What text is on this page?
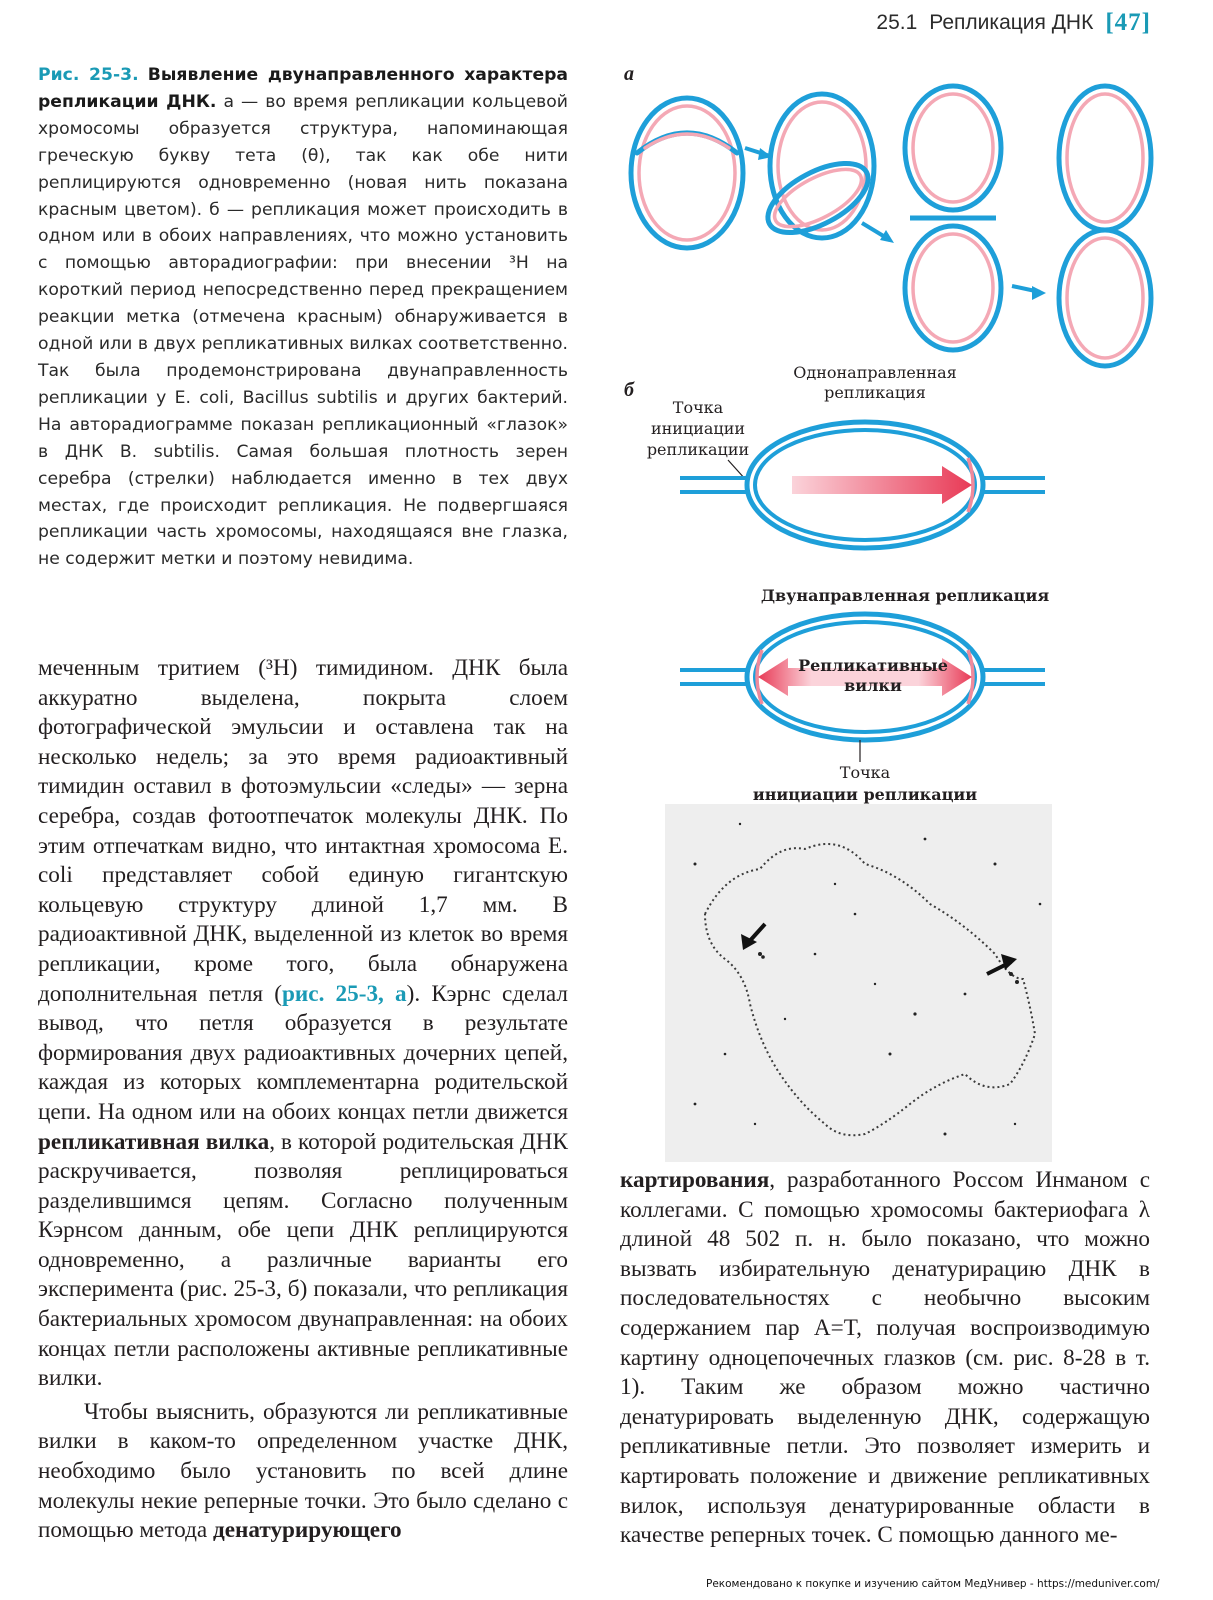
25.1 Репликация ДНК [47]
Рис. 25-3. Выявление двунаправленного характера репликации ДНК. а — во время репликации кольцевой хромосомы образуется структура, напоминающая греческую букву тета (θ), так как обе нити реплицируются одновременно (новая нить показана красным цветом). б — репликация может происходить в одном или в обоих направлениях, что можно установить с помощью авторадиографии: при внесении ³H на короткий период непосредственно перед прекращением реакции метка (отмечена красным) обнаруживается в одной или в двух репликативных вилках соответственно. Так была продемонстрирована двунаправленность репликации у E. coli, Bacillus subtilis и других бактерий. На авторадиограмме показан репликационный «глазок» в ДНК B. subtilis. Самая большая плотность зерен серебра (стрелки) наблюдается именно в тех двух местах, где происходит репликация. Не подвергшаяся репликации часть хромосомы, находящаяся вне глазка, не содержит метки и поэтому невидима.
а
б
Однонаправленная
репликация
Точка
инициации
репликации
Двунаправленная репликация
Репликативные
вилки
Точка
инициации репликации

меченным тритием (³H) тимидином. ДНК была аккуратно выделена, покрыта слоем фотографической эмульсии и оставлена так на несколько недель; за это время радиоактивный тимидин оставил в фотоэмульсии «следы» — зерна серебра, создав фотоотпечаток молекулы ДНК. По этим отпечаткам видно, что интактная хромосома E. coli представляет собой единую гигантскую кольцевую структуру длиной 1,7 мм. В радиоактивной ДНК, выделенной из клеток во время репликации, кроме того, была обнаружена дополнительная петля (рис. 25-3, а). Кэрнс сделал вывод, что петля образуется в результате формирования двух радиоактивных дочерних цепей, каждая из которых комплементарна родительской цепи. На одном или на обоих концах петли движется репликативная вилка, в которой родительская ДНК раскручивается, позволяя реплицироваться разделившимся цепям. Согласно полученным Кэрнсом данным, обе цепи ДНК реплицируются одновременно, а различные варианты его эксперимента (рис. 25-3, б) показали, что репликация бактериальных хромосом двунаправленная: на обоих концах петли расположены активные репликативные вилки.

Чтобы выяснить, образуются ли репликативные вилки в каком-то определенном участке ДНК, необходимо было установить по всей длине молекулы некие реперные точки. Это было сделано с помощью метода денатурирующего

картирования, разработанного Россом Инманом с коллегами. С помощью хромосомы бактериофага λ длиной 48 502 п. н. было показано, что можно вызвать избирательную денатурирацию ДНК в последовательностях с необычно высоким содержанием пар A=T, получая воспроизводимую картину одноцепочечных глазков (см. рис. 8-28 в т. 1). Таким же образом можно частично денатурировать выделенную ДНК, содержащую репликативные петли. Это позволяет измерить и картировать положение и движение репликативных вилок, используя денатурированные области в качестве реперных точек. С помощью данного ме-

Рекомендовано к покупке и изучению сайтом МедУнивер - https://meduniver.com/
